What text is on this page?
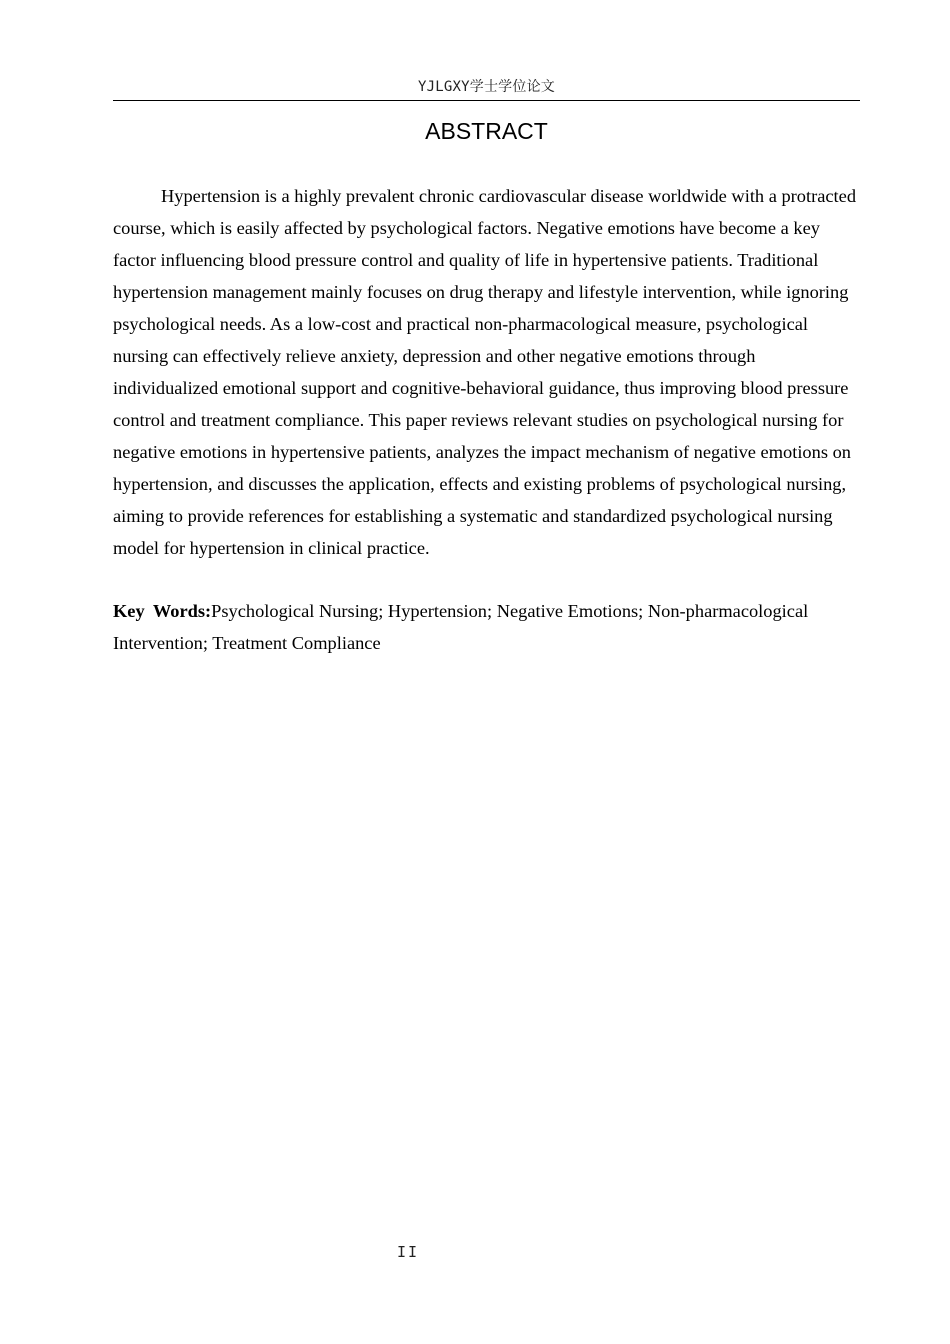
YJLGXY学士学位论文
ABSTRACT

Hypertension is a highly prevalent chronic cardiovascular disease worldwide with a protracted course, which is easily affected by psychological factors. Negative emotions have become a key factor influencing blood pressure control and quality of life in hypertensive patients. Traditional hypertension management mainly focuses on drug therapy and lifestyle intervention, while ignoring psychological needs. As a low-cost and practical non-pharmacological measure, psychological nursing can effectively relieve anxiety, depression and other negative emotions through individualized emotional support and cognitive-behavioral guidance, thus improving blood pressure control and treatment compliance. This paper reviews relevant studies on psychological nursing for negative emotions in hypertensive patients, analyzes the impact mechanism of negative emotions on hypertension, and discusses the application, effects and existing problems of psychological nursing, aiming to provide references for establishing a systematic and standardized psychological nursing model for hypertension in clinical practice.

Key Words:Psychological Nursing; Hypertension; Negative Emotions; Non-pharmacological Intervention; Treatment Compliance

II
